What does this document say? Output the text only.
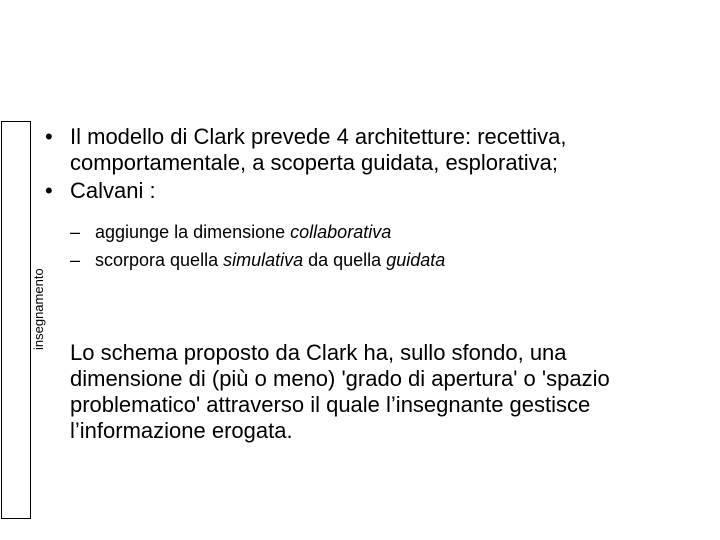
insegnamento
• Il modello di Clark prevede 4 architetture: recettiva, comportamentale, a scoperta guidata, esplorativa;
• Calvani :
– aggiunge la dimensione collaborativa
– scorpora quella simulativa da quella guidata
Lo schema proposto da Clark ha, sullo sfondo, una dimensione di (più o meno) 'grado di apertura' o 'spazio problematico' attraverso il quale l’insegnante gestisce l’informazione erogata.
